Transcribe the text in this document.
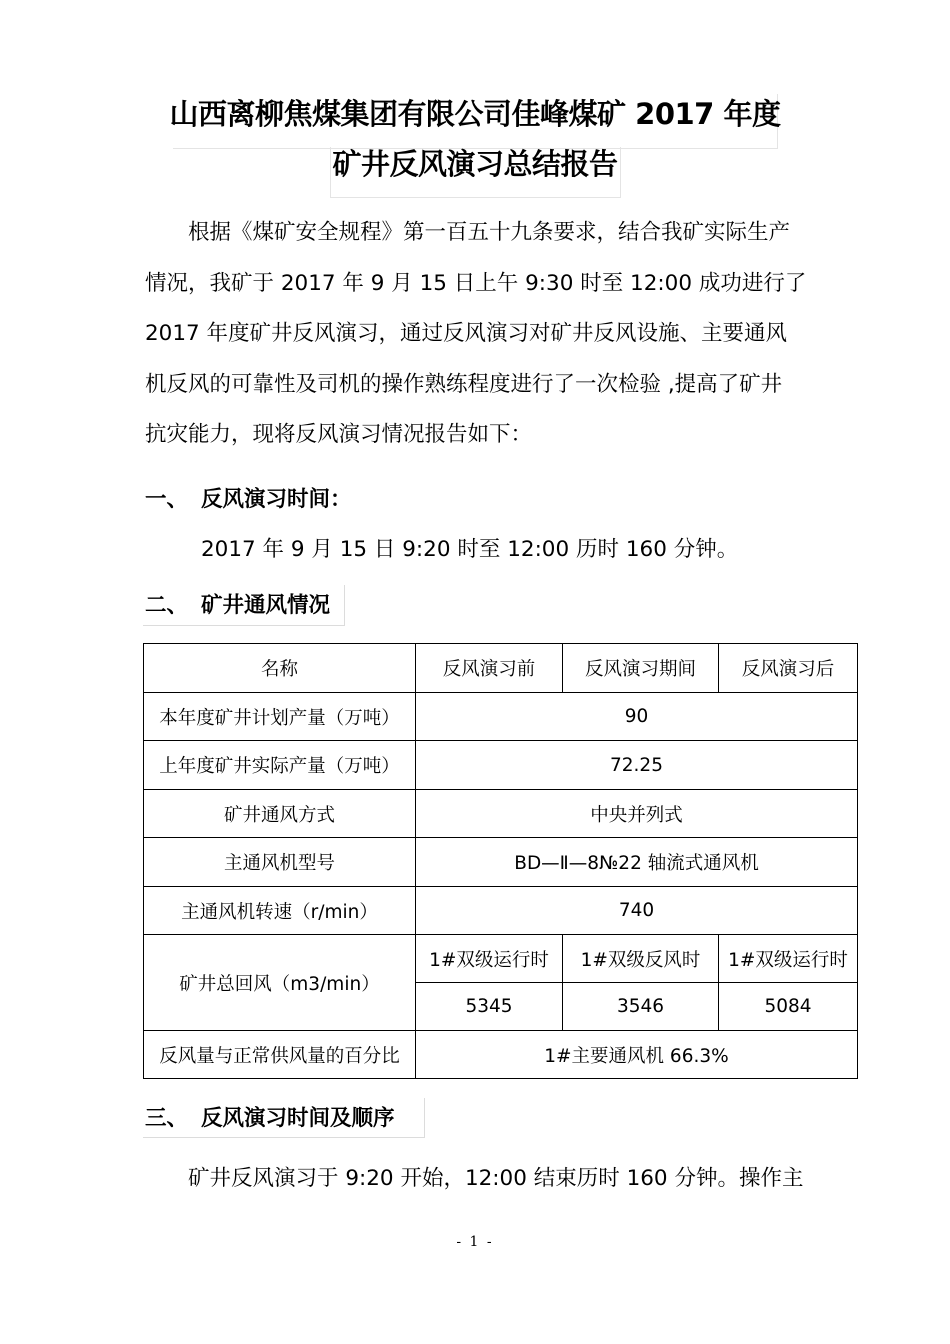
山西离柳焦煤集团有限公司佳峰煤矿 2017 年度
矿井反风演习总结报告
　　根据《煤矿安全规程》第一百五十九条要求，结合我矿实际生产
情况，我矿于 2017 年 9 月 15 日上午 9:30 时至 12:00 成功进行了
2017 年度矿井反风演习，通过反风演习对矿井反风设施、主要通风
机反风的可靠性及司机的操作熟练程度进行了一次检验 ,提高了矿井
抗灾能力，现将反风演习情况报告如下：
一、 反风演习时间：
2017 年 9 月 15 日 9:20 时至 12:00 历时 160 分钟。
二、 矿井通风情况
名称	反风演习前	反风演习期间	反风演习后
本年度矿井计划产量（万吨）	90		
上年度矿井实际产量（万吨）	72.25		
矿井通风方式	中央并列式		
主通风机型号	BD—Ⅱ—8№22 轴流式通风机		
主通风机转速（r/min）	740		
矿井总回风（m3/min）	1#双级运行时	1#双级反风时	1#双级运行时
	5345	3546	5084
反风量与正常供风量的百分比	1#主要通风机 66.3%		
三、 反风演习时间及顺序
　　矿井反风演习于 9:20 开始，12:00 结束历时 160 分钟。操作主
- 1 -
